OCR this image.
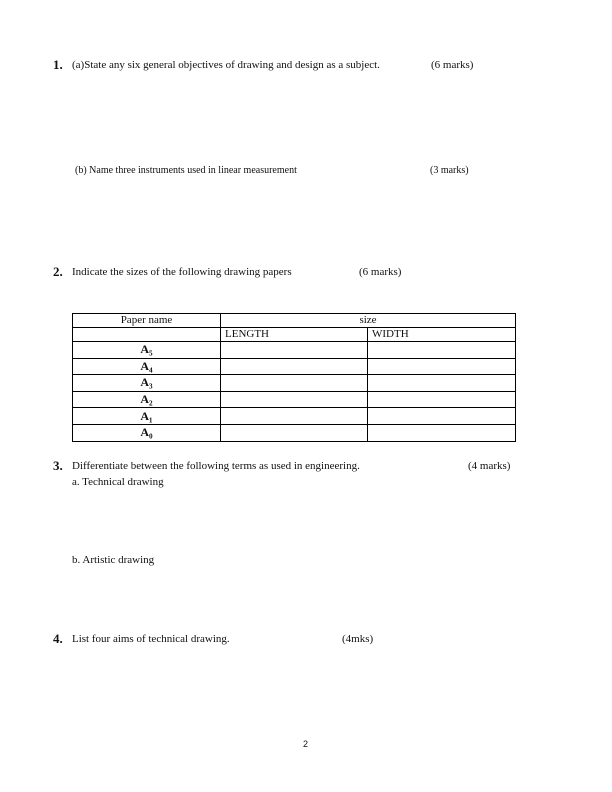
1. (a)State any six general objectives of drawing and design as a subject.	(6 marks)
(b) Name three instruments used in linear measurement	(3 marks)
2. Indicate the sizes of the following drawing papers	(6 marks)
Paper name	size	
	LENGTH	WIDTH
A₅		
A₄		
A₃		
A₂		
A₁		
A₀		
3. Differentiate between the following terms as used in engineering.	(4 marks)
a. Technical drawing
b. Artistic drawing
4. List four aims of technical drawing.	(4mks)
2
